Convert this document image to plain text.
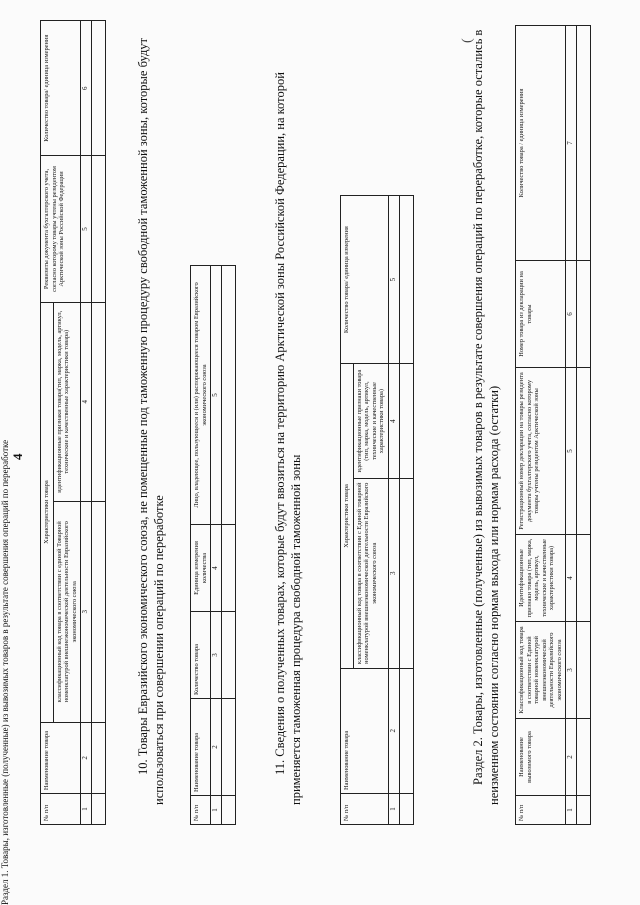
4
(
№ п/п	Наименование товара	Характеристики товара		Реквизиты документа бухгалтерского учета, согласно которому товары учтены резидентом Арктической зоны Российской Федерации	Количество товара/ единица измерения
		классификационный код товара в соответствии с единой Товарной номенклатурой внешнеэкономической деятельности Евразийского экономического союза	идентификационные признаки товара(тип, марка, модель, артикул, технические и качественные характеристики товара)		
1	2	3	4	5	6
						10. Товары Евразийского экономического союза, не помещенные под таможенную процедуру свободной таможенной зоны, которые будут использоваться при совершении операций по переработке
№ п/п	Наименование товара	Количество товара	Единица измерения количества	Лицо, владеющее, пользующееся и (или) распоряжающееся товаром Евразийского экономического союза
1	2	3	4	5
					11. Сведения о полученных товарах, которые будут ввозиться на территорию Арктической зоны Российской Федерации, на которой применяется таможенная процедура свободной таможенной зоны
Раздел 1. Товары, изготовленные (полученные) из вывозимых товаров в результате совершения операций по переработке	№ п/п	Наименование товара	Характеристики товара		Количество товара/ единица измерения
		классификационный код товара в соответствии с Единой товарной номенклатурой внешнеэкономической деятельности Евразийского экономического союза	идентификационные признаки товара (тип, марка, модель, артикул, технические и качественные характеристики товара)	
1	2	3	4	5
					Раздел 2. Товары, изготовленные (полученные) из вывозимых товаров в результате совершения операций по переработке, которые остались в неизменном состоянии согласно нормам выхода или нормам расхода (остатки)
№ п/п	Наименование вывозимого товара	Классификационный код товара в соответствии с Единой товарной номенклатурой внешнеэкономической деятельности Евразийского экономического союза	Идентификационные признаки товара (тип, марка, модель, артикул, технические и качественные характеристики товара)	Регистрационный номер декларации на товары резидента документа бухгалтерского учета, согласно которому товары учтены резидентом Арктической зоны	Номер товара из декларации на товары	Количество товара / единица измерения
1	2	3	4	5	6	7
